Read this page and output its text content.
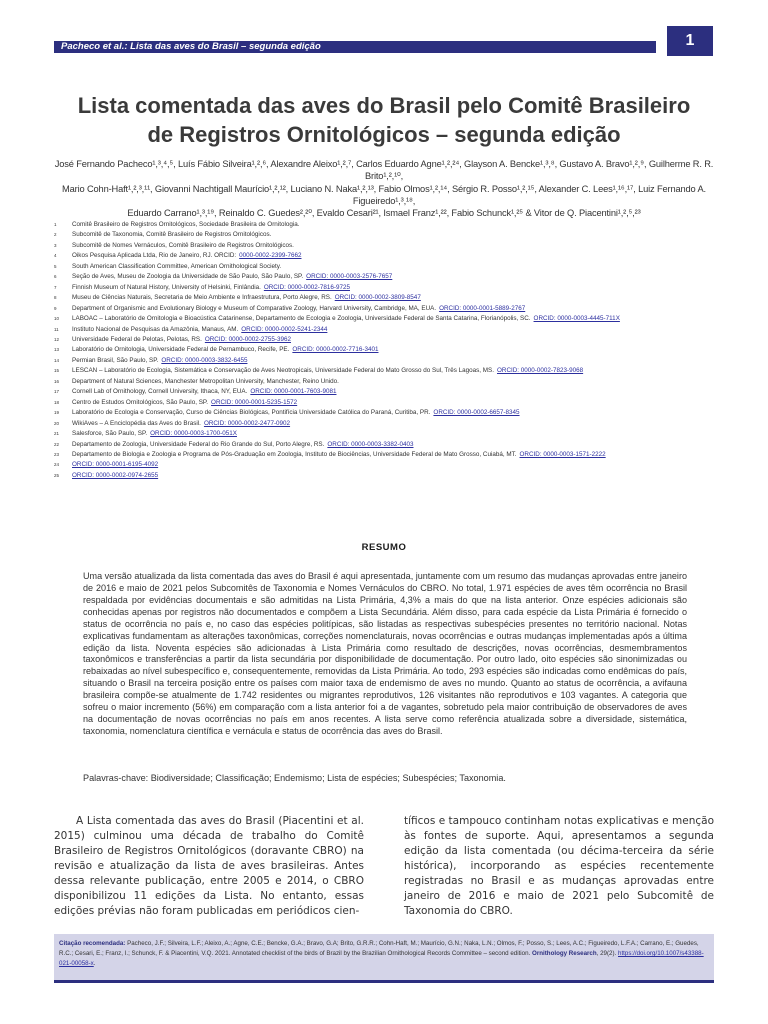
Pacheco et al.: Lista das aves do Brasil – segunda edição	1
Lista comentada das aves do Brasil pelo Comitê Brasileiro
de Registros Ornitológicos – segunda edição
José Fernando Pacheco¹,³,⁴,⁵, Luís Fábio Silveira¹,²,⁶, Alexandre Aleixo¹,²,⁷, Carlos Eduardo Agne¹,²,²⁴, Glayson A. Bencke¹,³,⁸, Gustavo A. Bravo¹,²,⁹, Guilherme R. R. Brito¹,²,¹⁰,
Mario Cohn-Haft¹,²,³,¹¹, Giovanni Nachtigall Maurício¹,²,¹², Luciano N. Naka¹,²,¹³, Fabio Olmos¹,²,¹⁴, Sérgio R. Posso¹,²,¹⁵, Alexander C. Lees¹,¹⁶,¹⁷, Luiz Fernando A. Figueiredo¹,³,¹⁸,
Eduardo Carrano¹,³,¹⁹, Reinaldo C. Guedes²,²⁰, Evaldo Cesari²¹, Ismael Franz¹,²², Fabio Schunck¹,²⁵ & Vitor de Q. Piacentini¹,²,⁵,²³
1	Comitê Brasileiro de Registros Ornitológicos, Sociedade Brasileira de Ornitologia.
2	Subcomitê de Taxonomia, Comitê Brasileiro de Registros Ornitológicos.
3	Subcomitê de Nomes Vernáculos, Comitê Brasileiro de Registros Ornitológicos.
4	Oikos Pesquisa Aplicada Ltda, Rio de Janeiro, RJ. ORCID: 0000-0002-2399-7662
5	South American Classification Committee, American Ornithological Society.
6	Seção de Aves, Museu de Zoologia da Universidade de São Paulo, São Paulo, SP. ORCID: 0000-0003-2576-7657
7	Finnish Museum of Natural History, University of Helsinki, Finlândia. ORCID: 0000-0002-7816-9725
8	Museu de Ciências Naturais, Secretaria de Meio Ambiente e Infraestrutura, Porto Alegre, RS. ORCID: 0000-0002-3809-8547
9	Department of Organismic and Evolutionary Biology e Museum of Comparative Zoology, Harvard University, Cambridge, MA, EUA. ORCID: 0000-0001-5889-2767
10	LABOAC – Laboratório de Ornitologia e Bioacústica Catarinense, Departamento de Ecologia e Zoologia, Universidade Federal de Santa Catarina, Florianópolis, SC. ORCID: 0000-0003-4445-711X
11	Instituto Nacional de Pesquisas da Amazônia, Manaus, AM. ORCID: 0000-0002-5241-2344
12	Universidade Federal de Pelotas, Pelotas, RS. ORCID: 0000-0002-2755-3962
13	Laboratório de Ornitologia, Universidade Federal de Pernambuco, Recife, PE. ORCID: 0000-0002-7716-3401
14	Permian Brasil, São Paulo, SP. ORCID: 0000-0003-3832-6455
15	LESCAN – Laboratório de Ecologia, Sistemática e Conservação de Aves Neotropicais, Universidade Federal do Mato Grosso do Sul, Três Lagoas, MS. ORCID: 0000-0002-7823-9068
16	Department of Natural Sciences, Manchester Metropolitan University, Manchester, Reino Unido.
17	Cornell Lab of Ornithology, Cornell University, Ithaca, NY, EUA. ORCID: 0000-0001-7603-9081
18	Centro de Estudos Ornitológicos, São Paulo, SP. ORCID: 0000-0001-5235-1572
19	Laboratório de Ecologia e Conservação, Curso de Ciências Biológicas, Pontifícia Universidade Católica do Paraná, Curitiba, PR. ORCID: 0000-0002-6657-8345
20	WikiAves – A Enciclopédia das Aves do Brasil. ORCID: 0000-0002-2477-0902
21	Salesforce, São Paulo, SP. ORCID: 0000-0003-1700-051X
22	Departamento de Zoologia, Universidade Federal do Rio Grande do Sul, Porto Alegre, RS. ORCID: 0000-0003-3382-0403
23	Departamento de Biologia e Zoologia e Programa de Pós-Graduação em Zoologia, Instituto de Biociências, Universidade Federal de Mato Grosso, Cuiabá, MT. ORCID: 0000-0003-1571-2222
24	ORCID: 0000-0001-6195-4092
25	ORCID: 0000-0002-0974-2655
RESUMO

Uma versão atualizada da lista comentada das aves do Brasil é aqui apresentada, juntamente com um resumo das mudanças aprovadas entre janeiro de 2016 e maio de 2021 pelos Subcomitês de Taxonomia e Nomes Vernáculos do CBRO. No total, 1.971 espécies de aves têm ocorrência no Brasil respaldada por evidências documentais e são admitidas na Lista Primária, 4,3% a mais do que na lista anterior. Onze espécies adicionais são conhecidas apenas por registros não documentados e compõem a Lista Secundária. Além disso, para cada espécie da Lista Primária é fornecido o status de ocorrência no país e, no caso das espécies politípicas, são listadas as respectivas subespécies presentes no território nacional. Notas explicativas fundamentam as alterações taxonômicas, correções nomenclaturais, novas ocorrências e outras mudanças implementadas após a última edição da lista. Noventa espécies são adicionadas à Lista Primária como resultado de descrições, novas ocorrências, desmembramentos taxonômicos e transferências a partir da lista secundária por disponibilidade de documentação. Por outro lado, oito espécies são sinonimizadas ou rebaixadas ao nível subespecífico e, consequentemente, removidas da Lista Primária. Ao todo, 293 espécies são indicadas como endêmicas do país, situando o Brasil na terceira posição entre os países com maior taxa de endemismo de aves no mundo. Quanto ao status de ocorrência, a avifauna brasileira compõe-se atualmente de 1.742 residentes ou migrantes reprodutivos, 126 visitantes não reprodutivos e 103 vagantes. A categoria que sofreu o maior incremento (56%) em comparação com a lista anterior foi a de vagantes, sobretudo pela maior contribuição de observadores de aves na documentação de novas ocorrências no país em anos recentes. A lista serve como referência atualizada sobre a diversidade, sistemática, taxonomia, nomenclatura científica e vernácula e status de ocorrência das aves do Brasil.

Palavras-chave: Biodiversidade; Classificação; Endemismo; Lista de espécies; Subespécies; Taxonomia.

A Lista comentada das aves do Brasil (Piacentini et al. 2015) culminou uma década de trabalho do Comitê Brasileiro de Registros Ornitológicos (doravante CBRO) na revisão e atualização da lista de aves brasileiras. Antes dessa relevante publicação, entre 2005 e 2014, o CBRO disponibilizou 11 edições da Lista. No entanto, essas edições prévias não foram publicadas em periódicos cien-

tíficos e tampouco continham notas explicativas e menção às fontes de suporte. Aqui, apresentamos a segunda edição da lista comentada (ou décima-terceira da série histórica), incorporando as espécies recentemente registradas no Brasil e as mudanças aprovadas entre janeiro de 2016 e maio de 2021 pelo Subcomitê de Taxonomia do CBRO.

Citação recomendada: Pacheco, J.F.; Silveira, L.F.; Aleixo, A.; Agne, C.E.; Bencke, G.A.; Bravo, G.A; Brito, G.R.R.; Cohn-Haft, M.; Maurício, G.N.; Naka, L.N.; Olmos, F.; Posso, S.; Lees, A.C.; Figueiredo, L.F.A.; Carrano, E.; Guedes, R.C.; Cesari, E.; Franz, I.; Schunck, F. & Piacentini, V.Q. 2021. Annotated checklist of the birds of Brazil by the Brazilian Ornithological Records Committee – second edition. Ornithology Research, 29(2). https://doi.org/10.1007/s43388-021-00058-x.
